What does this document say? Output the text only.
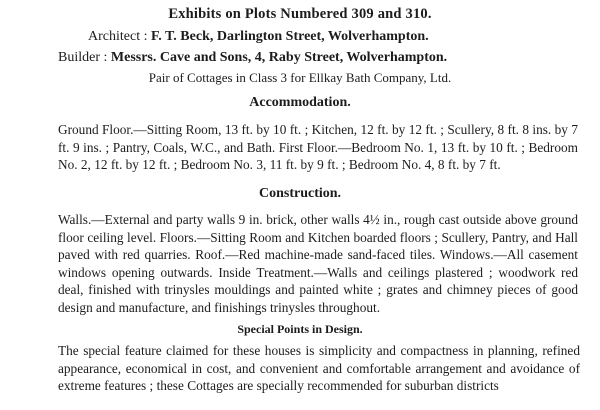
Exhibits on Plots Numbered 309 and 310.
Architect : F. T. Beck, Darlington Street, Wolverhampton.
Builder : Messrs. Cave and Sons, 4, Raby Street, Wolverhampton.
Pair of Cottages in Class 3 for Ellkay Bath Company, Ltd.
Accommodation.
Ground Floor.—Sitting Room, 13 ft. by 10 ft. ; Kitchen, 12 ft. by 12 ft. ; Scullery, 8 ft. 8 ins. by 7 ft. 9 ins. ; Pantry, Coals, W.C., and Bath. First Floor.—Bedroom No. 1, 13 ft. by 10 ft. ; Bedroom No. 2, 12 ft. by 12 ft. ; Bedroom No. 3, 11 ft. by 9 ft. ; Bedroom No. 4, 8 ft. by 7 ft.
Construction.
Walls.—External and party walls 9 in. brick, other walls 4½ in., rough cast outside above ground floor ceiling level. Floors.—Sitting Room and Kitchen boarded floors ; Scullery, Pantry, and Hall paved with red quarries. Roof.—Red machine-made sand-faced tiles. Windows.—All casement windows opening outwards. Inside Treatment.—Walls and ceilings plastered ; woodwork red deal, finished with trinysles mouldings and painted white ; grates and chimney pieces of good design and manufacture, and finishings trinysles throughout.
Special Points in Design.
The special feature claimed for these houses is simplicity and compactness in planning, refined appearance, economical in cost, and convenient and comfortable arrangement and avoidance of extreme features ; these Cottages are specially recommended for suburban districts
